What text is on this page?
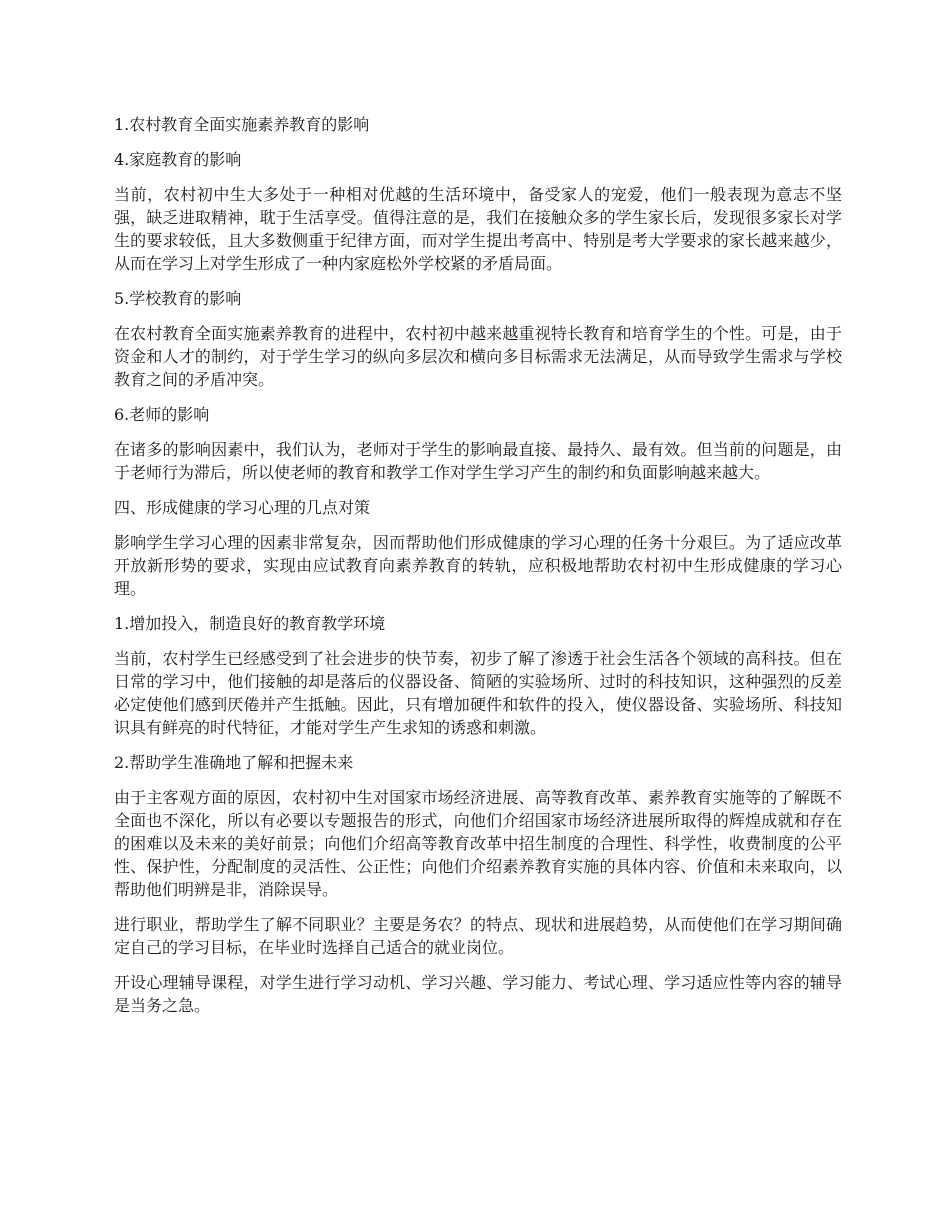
1.农村教育全面实施素养教育的影响

4.家庭教育的影响

当前，农村初中生大多处于一种相对优越的生活环境中，备受家人的宠爱，他们一般表现为意志不坚强，缺乏进取精神，耽于生活享受。值得注意的是，我们在接触众多的学生家长后，发现很多家长对学生的要求较低，且大多数侧重于纪律方面，而对学生提出考高中、特别是考大学要求的家长越来越少，从而在学习上对学生形成了一种内家庭松外学校紧的矛盾局面。

5.学校教育的影响

在农村教育全面实施素养教育的进程中，农村初中越来越重视特长教育和培育学生的个性。可是，由于资金和人才的制约，对于学生学习的纵向多层次和横向多目标需求无法满足，从而导致学生需求与学校教育之间的矛盾冲突。

6.老师的影响

在诸多的影响因素中，我们认为，老师对于学生的影响最直接、最持久、最有效。但当前的问题是，由于老师行为滞后，所以使老师的教育和教学工作对学生学习产生的制约和负面影响越来越大。

四、形成健康的学习心理的几点对策

影响学生学习心理的因素非常复杂，因而帮助他们形成健康的学习心理的任务十分艰巨。为了适应改革开放新形势的要求，实现由应试教育向素养教育的转轨，应积极地帮助农村初中生形成健康的学习心理。

1.增加投入，制造良好的教育教学环境

当前，农村学生已经感受到了社会进步的快节奏，初步了解了渗透于社会生活各个领域的高科技。但在日常的学习中，他们接触的却是落后的仪器设备、简陋的实验场所、过时的科技知识，这种强烈的反差必定使他们感到厌倦并产生抵触。因此，只有增加硬件和软件的投入，使仪器设备、实验场所、科技知识具有鲜亮的时代特征，才能对学生产生求知的诱惑和刺激。

2.帮助学生准确地了解和把握未来

由于主客观方面的原因，农村初中生对国家市场经济进展、高等教育改革、素养教育实施等的了解既不全面也不深化，所以有必要以专题报告的形式，向他们介绍国家市场经济进展所取得的辉煌成就和存在的困难以及未来的美好前景；向他们介绍高等教育改革中招生制度的合理性、科学性，收费制度的公平性、保护性，分配制度的灵活性、公正性；向他们介绍素养教育实施的具体内容、价值和未来取向，以帮助他们明辨是非，消除误导。

进行职业，帮助学生了解不同职业？主要是务农？的特点、现状和进展趋势，从而使他们在学习期间确定自己的学习目标，在毕业时选择自己适合的就业岗位。

开设心理辅导课程，对学生进行学习动机、学习兴趣、学习能力、考试心理、学习适应性等内容的辅导是当务之急。
